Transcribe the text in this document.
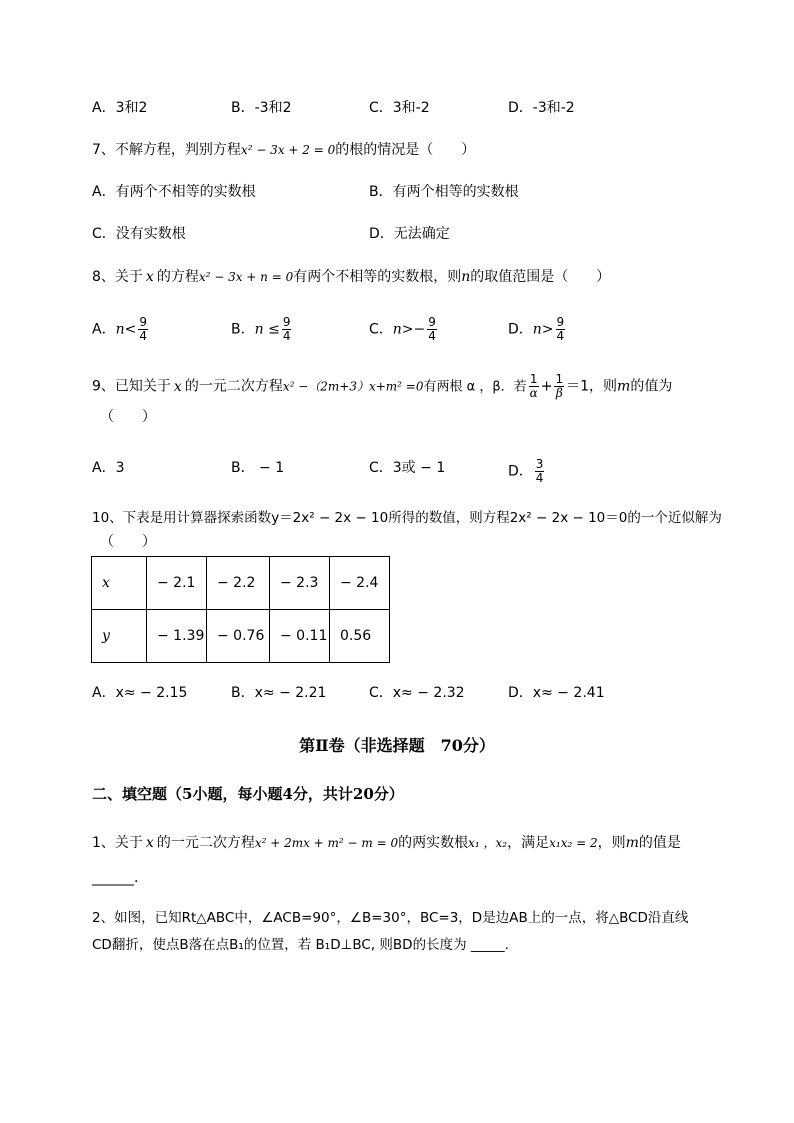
A．3和2	B．-3和2	C．3和-2	D．-3和-2
7、不解方程，判别方程x² − 3x + 2 = 0的根的情况是（　　）
A．有两个不相等的实数根	B．有两个相等的实数根
C．没有实数根	D．无法确定
8、关于 x 的方程x² − 3x + n = 0有两个不相等的实数根，则n的取值范围是（　　）
A．$n< \frac{9}{4}$	B．$n \le \frac{9}{4}$	C．$n>- \frac{9}{4}$	D．$n> \frac{9}{4}$
9、已知关于 x 的一元二次方程x² −（2m+3）x+m² =0有两根 α ，β．若 $\frac{1}{\alpha} + \frac{1}{\beta} =1$，则m的值为
（　　）
A．3	B． − 1	C．3或 − 1	D． $\frac{3}{4}$
10、下表是用计算器探索函数y＝2x² − 2x − 10所得的数值，则方程2x² − 2x − 10＝0的一个近似解为
（　　）
x	− 2.1	− 2.2	− 2.3	− 2.4
y	− 1.39	− 0.76	− 0.11	0.56
A．x≈ − 2.15	B．x≈ − 2.21	C．x≈ − 2.32	D．x≈ − 2.41
第Ⅱ卷（非选择题　70分）
二、填空题（5小题，每小题4分，共计20分）
1、关于 x 的一元二次方程x² + 2mx + m² − m = 0的两实数根x₁ ，x₂，满足x₁x₂ = 2，则m的值是
______.
2、如图，已知Rt△ABC中，∠ACB=90°，∠B=30°，BC=3，D是边AB上的一点，将△BCD沿直线
CD翻折，使点B落在点B₁的位置，若 B₁D⊥BC, 则BD的长度为 _____.
